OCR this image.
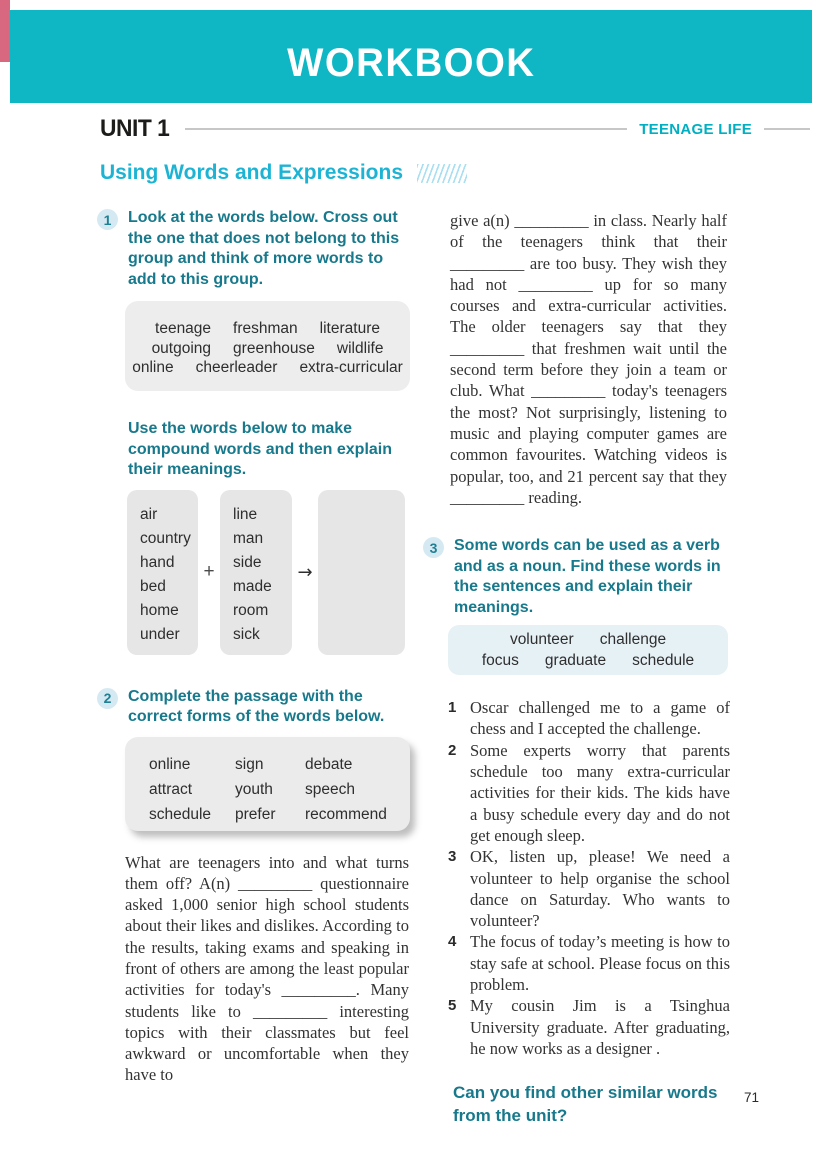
WORKBOOK
UNIT 1	TEENAGE LIFE
Using Words and Expressions
1	Look at the words below. Cross out the one that does not belong to this group and think of more words to add to this group.
teenage freshman literature
outgoing greenhouse wildlife
online cheerleader extra-curricular
Use the words below to make compound words and then explain their meanings.
air
country
hand
bed
home
under
+
line
man
side
made
room
sick
→
2	Complete the passage with the correct forms of the words below.
online	sign	debate
attract	youth	speech
schedule	prefer	recommend
What are teenagers into and what turns them off? A(n) _________ questionnaire asked 1,000 senior high school students about their likes and dislikes. According to the results, taking exams and speaking in front of others are among the least popular activities for today's _________. Many students like to _________ interesting topics with their classmates but feel awkward or uncomfortable when they have to
give a(n) _________ in class. Nearly half of the teenagers think that their _________ are too busy. They wish they had not _________ up for so many courses and extra-curricular activities. The older teenagers say that they _________ that freshmen wait until the second term before they join a team or club. What _________ today's teenagers the most? Not surprisingly, listening to music and playing computer games are common favourites. Watching videos is popular, too, and 21 percent say that they _________ reading.
3	Some words can be used as a verb and as a noun. Find these words in the sentences and explain their meanings.
volunteer challenge
focus graduate schedule
1 Oscar challenged me to a game of chess and I accepted the challenge.
2 Some experts worry that parents schedule too many extra-curricular activities for their kids. The kids have a busy schedule every day and do not get enough sleep.
3 OK, listen up, please! We need a volunteer to help organise the school dance on Saturday. Who wants to volunteer?
4 The focus of today’s meeting is how to stay safe at school. Please focus on this problem.
5 My cousin Jim is a Tsinghua University graduate. After graduating, he now works as a designer .
Can you find other similar words from the unit?
71
